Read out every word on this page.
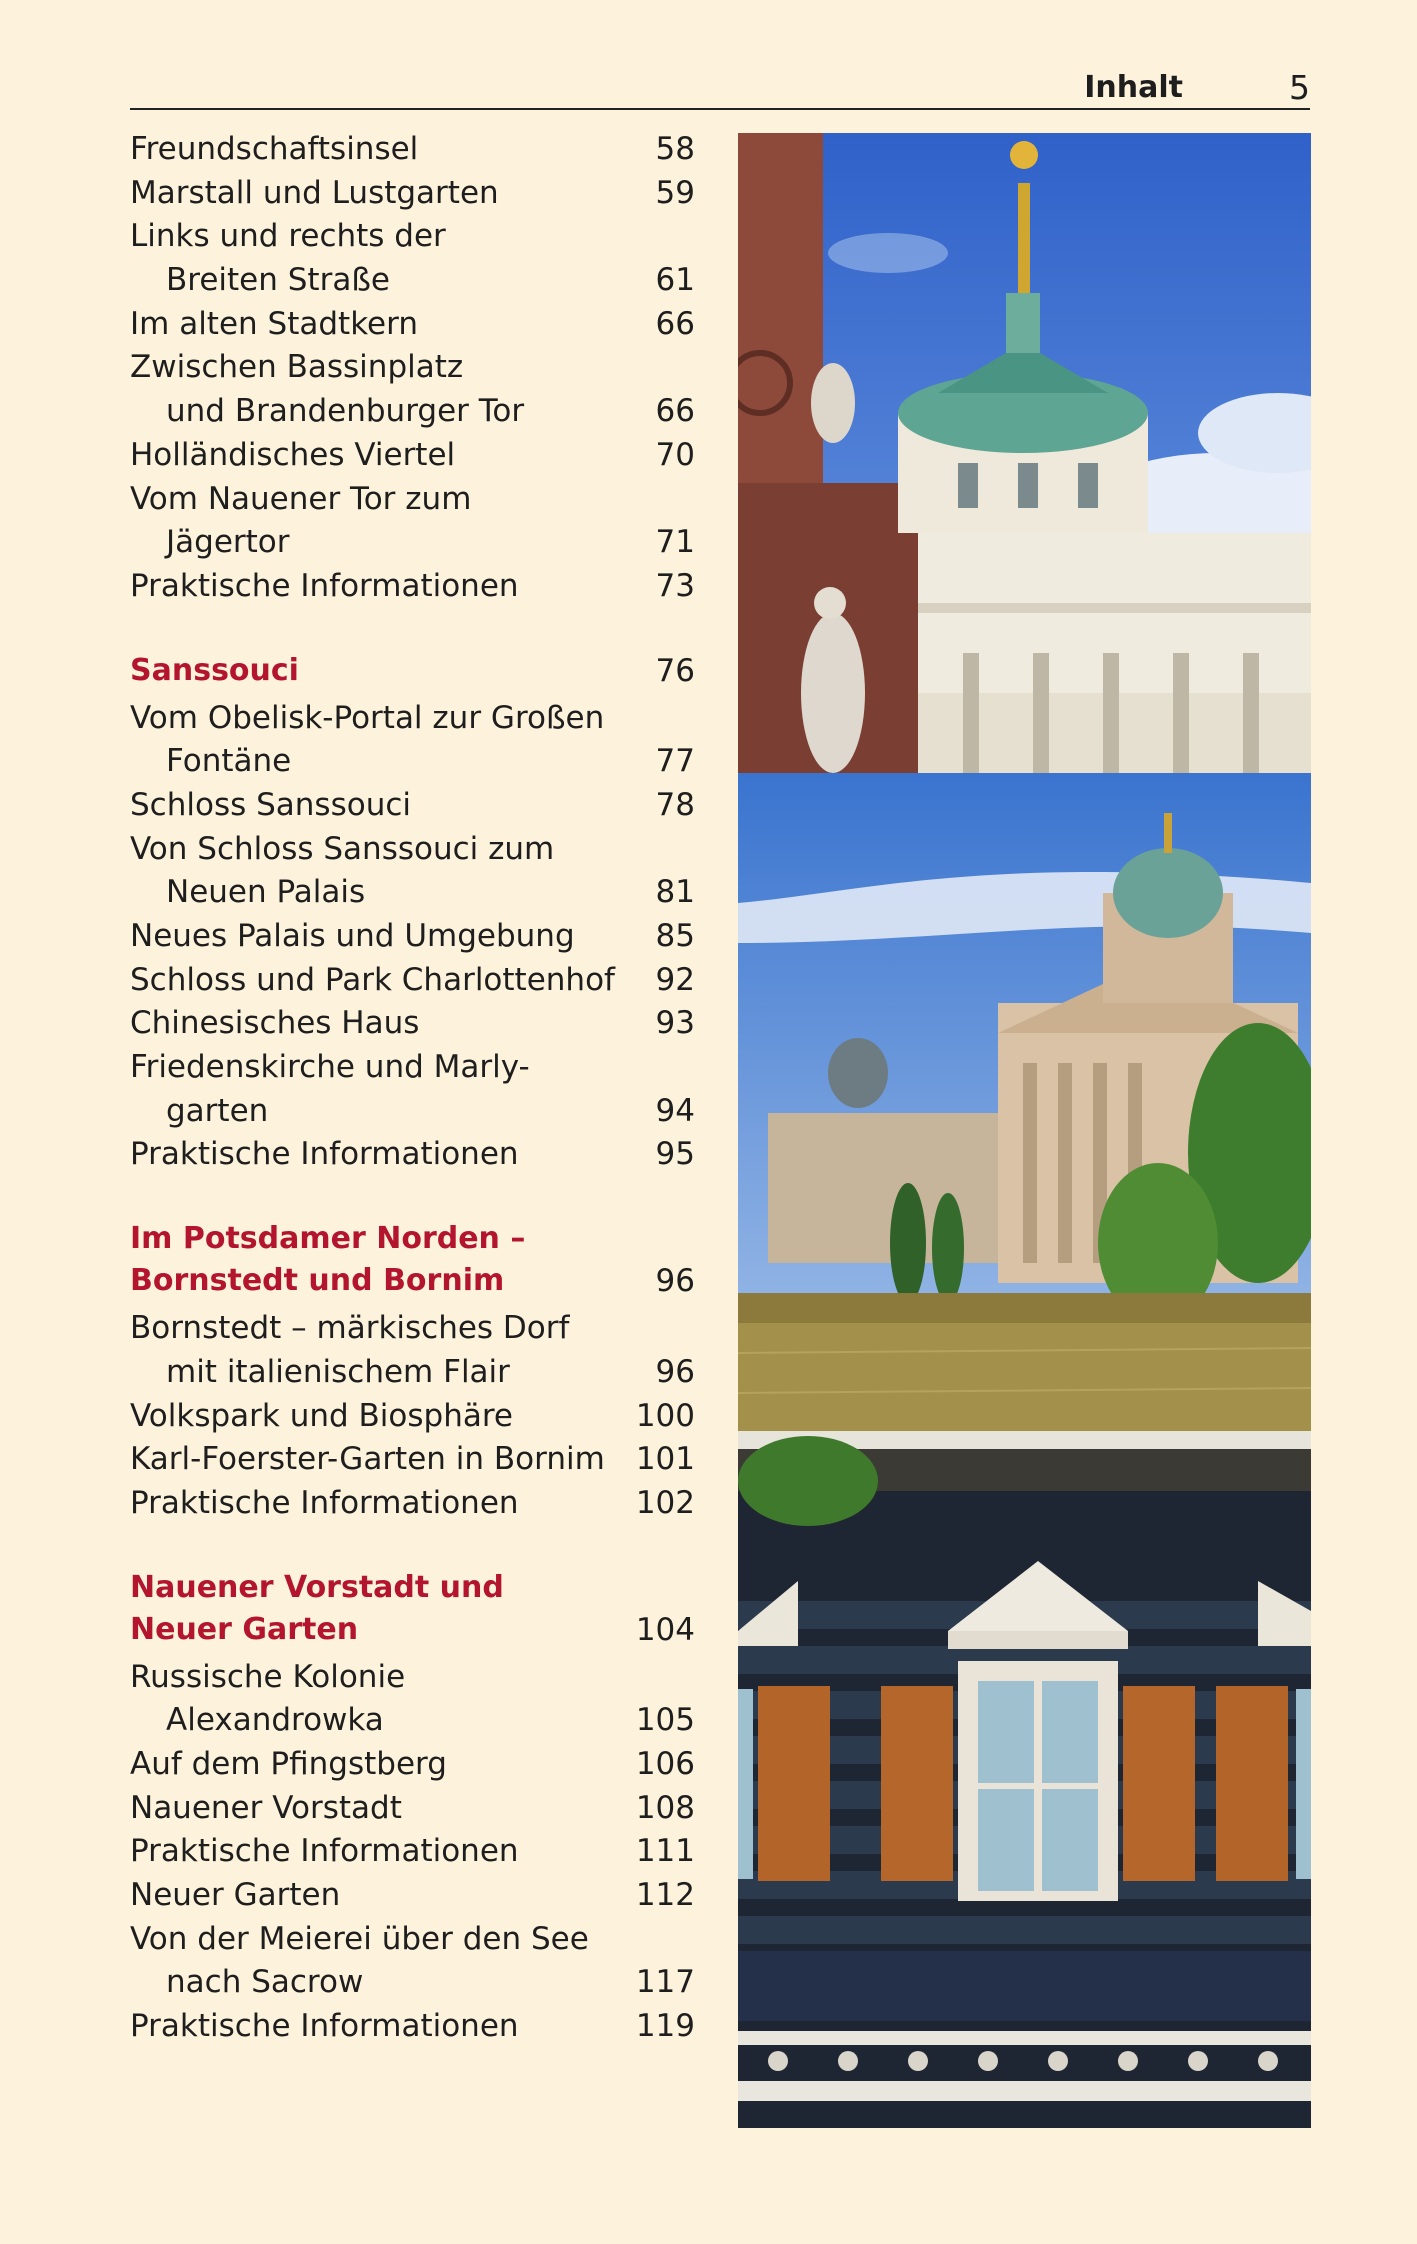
Inhalt	5
Freundschaftsinsel	58
Marstall und Lustgarten	59
Links und rechts der
Breiten Straße	61
Im alten Stadtkern	66
Zwischen Bassinplatz
und Brandenburger Tor	66
Holländisches Viertel	70
Vom Nauener Tor zum
Jägertor	71
Praktische Informationen	73
Sanssouci	76
Vom Obelisk-Portal zur Großen
Fontäne	77
Schloss Sanssouci	78
Von Schloss Sanssouci zum
Neuen Palais	81
Neues Palais und Umgebung	85
Schloss und Park Charlottenhof 92
Chinesisches Haus	93
Friedenskirche und Marly-
garten	94
Praktische Informationen	95
Im Potsdamer Norden –
Bornstedt und Bornim	96
Bornstedt – märkisches Dorf
mit italienischem Flair	96
Volkspark und Biosphäre	100
Karl-Foerster-Garten in Bornim 101
Praktische Informationen	102
Nauener Vorstadt und
Neuer Garten	104
Russische Kolonie
Alexandrowka	105
Auf dem Pfingstberg	106
Nauener Vorstadt	108
Praktische Informationen	111
Neuer Garten	112
Von der Meierei über den See
nach Sacrow	117
Praktische Informationen	119
